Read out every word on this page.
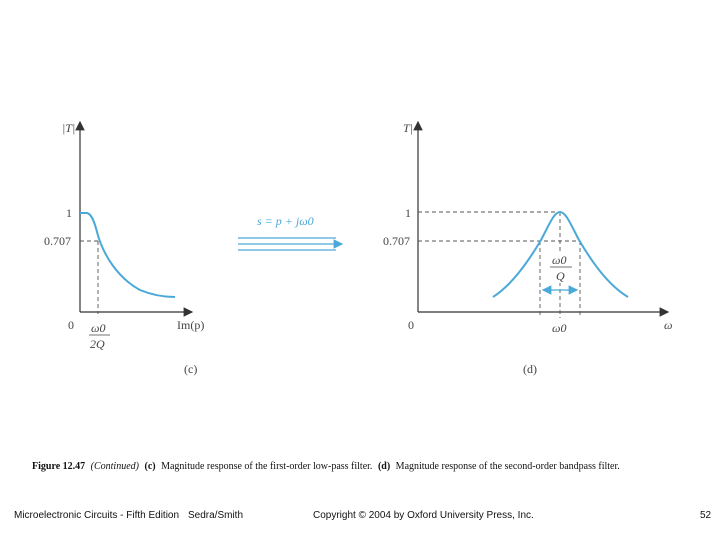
|T|
1
0.707
0	Im(p)
ω0
2Q
(c)
s = p + jω0
T|
1
0.707
0	ω
ω0
Q
ω0
(d)
Figure 12.47 (Continued) (c) Magnitude response of the first-order low-pass filter. (d) Magnitude response of the second-order bandpass filter.
Microelectronic Circuits - Fifth Edition Sedra/Smith	Copyright © 2004 by Oxford University Press, Inc.	52
